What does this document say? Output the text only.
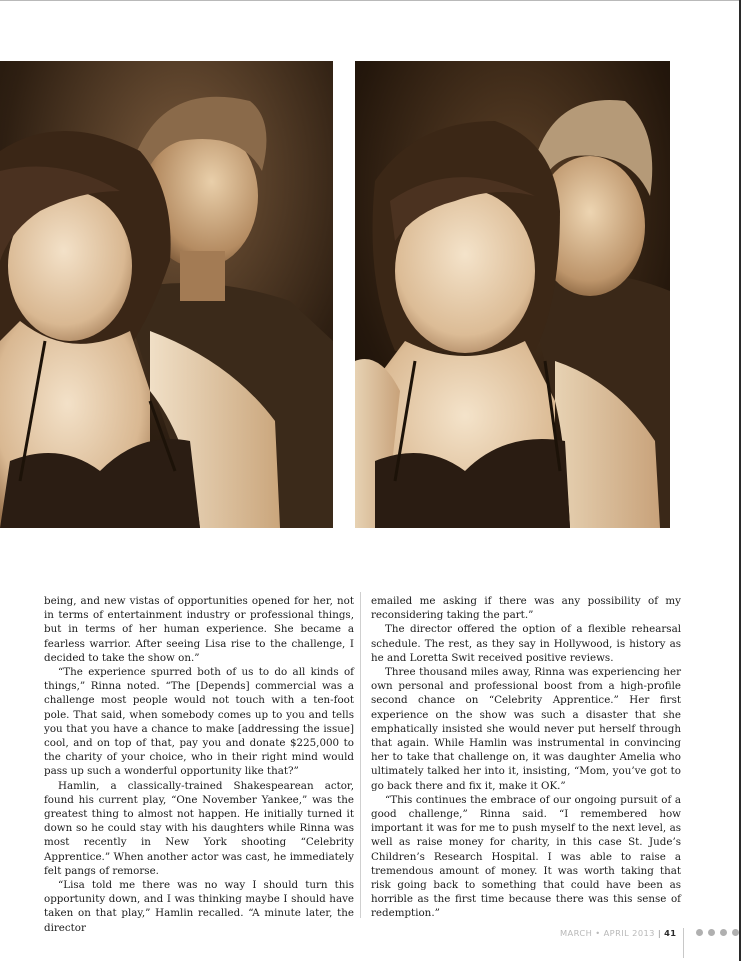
being, and new vistas of opportunities opened for her, not in terms of entertainment industry or professional things, but in terms of her human experience. She became a fearless warrior. After seeing Lisa rise to the challenge, I decided to take the show on.”

“The experience spurred both of us to do all kinds of things,” Rinna noted. “The [Depends] commercial was a challenge most people would not touch with a ten-foot pole. That said, when somebody comes up to you and tells you that you have a chance to make [addressing the issue] cool, and on top of that, pay you and donate $225,000 to the charity of your choice, who in their right mind would pass up such a wonderful opportunity like that?”

Hamlin, a classically-trained Shakespearean actor, found his current play, “One November Yankee,” was the greatest thing to almost not happen. He initially turned it down so he could stay with his daughters while Rinna was most recently in New York shooting “Celebrity Apprentice.” When another actor was cast, he immediately felt pangs of remorse.

“Lisa told me there was no way I should turn this opportunity down, and I was thinking maybe I should have taken on that play,” Hamlin recalled. “A minute later, the director

emailed me asking if there was any possibility of my reconsidering taking the part.”

The director offered the option of a flexible rehearsal schedule. The rest, as they say in Hollywood, is history as he and Loretta Swit received positive reviews.

Three thousand miles away, Rinna was experiencing her own personal and professional boost from a high-profile second chance on “Celebrity Apprentice.” Her first experience on the show was such a disaster that she emphatically insisted she would never put herself through that again. While Hamlin was instrumental in convincing her to take that challenge on, it was daughter Amelia who ultimately talked her into it, insisting, “Mom, you’ve got to go back there and fix it, make it OK.”

“This continues the embrace of our ongoing pursuit of a good challenge,” Rinna said. “I remembered how important it was for me to push myself to the next level, as well as raise money for charity, in this case St. Jude’s Children’s Research Hospital. I was able to raise a tremendous amount of money. It was worth taking that risk going back to something that could have been as horrible as the first time because there was this sense of redemption.”

MARCH • APRIL 2013 | 41
